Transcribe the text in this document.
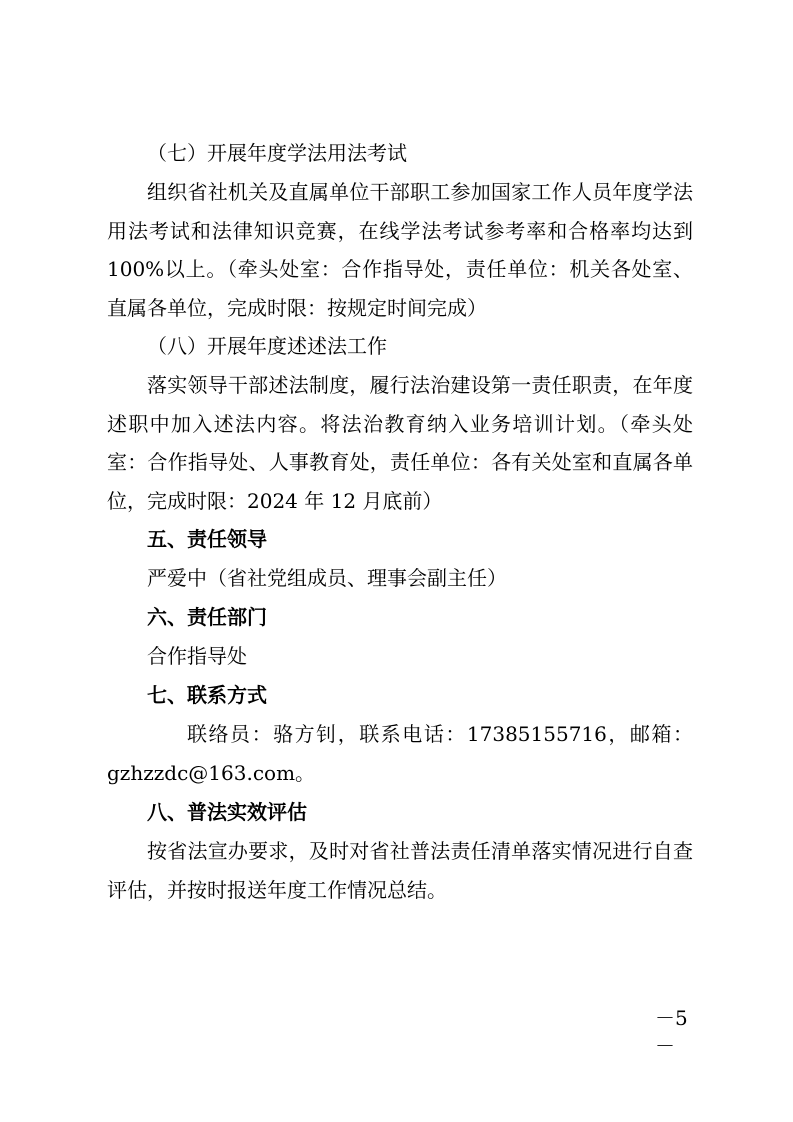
（七）开展年度学法用法考试

组织省社机关及直属单位干部职工参加国家工作人员年度学法用法考试和法律知识竞赛，在线学法考试参考率和合格率均达到 100%以上。（牵头处室：合作指导处，责任单位：机关各处室、直属各单位，完成时限：按规定时间完成）

（八）开展年度述述法工作

落实领导干部述法制度，履行法治建设第一责任职责，在年度述职中加入述法内容。将法治教育纳入业务培训计划。（牵头处室：合作指导处、人事教育处，责任单位：各有关处室和直属各单位，完成时限：2024 年 12 月底前）

五、责任领导

严爱中（省社党组成员、理事会副主任）

六、责任部门

合作指导处

七、联系方式

联络员：骆方钊，联系电话：17385155716，邮箱：
gzhzzdc@163.com。

八、普法实效评估

按省法宣办要求，及时对省社普法责任清单落实情况进行自查评估，并按时报送年度工作情况总结。

－5－
